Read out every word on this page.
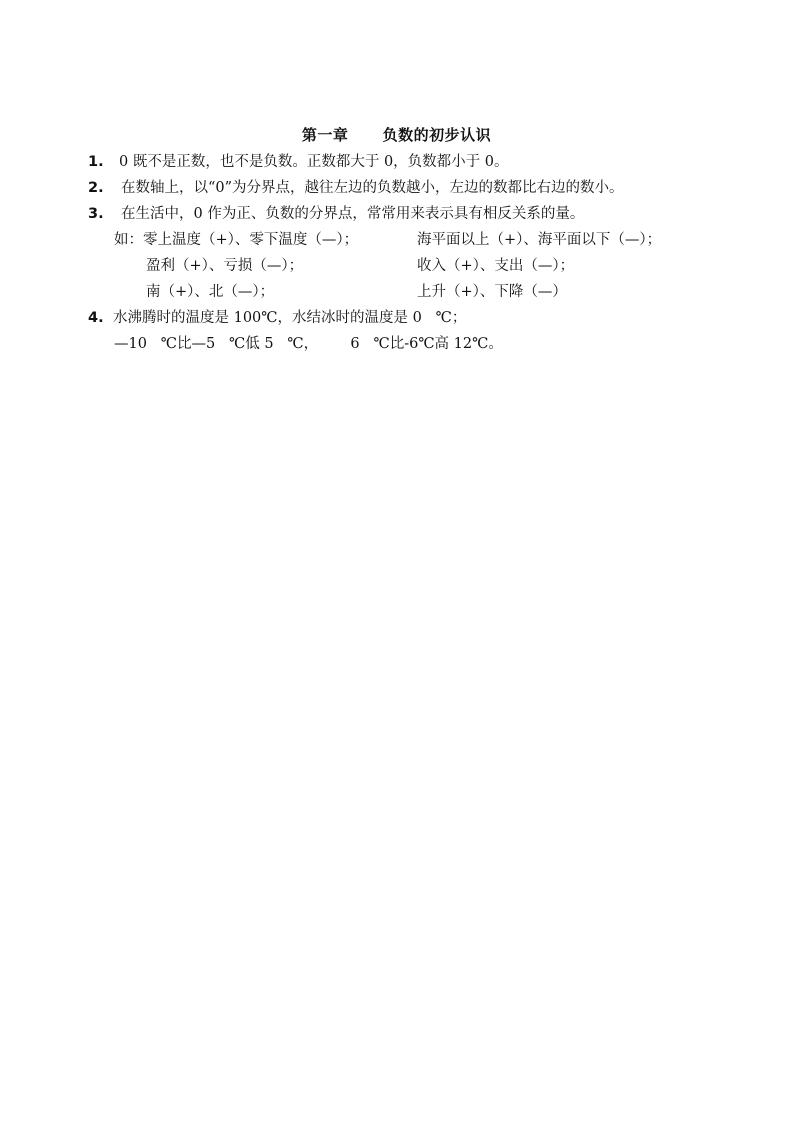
第一章      负数的初步认识
1. 0 既不是正数，也不是负数。正数都大于 0，负数都小于 0。
2. 在数轴上，以“0”为分界点，越往左边的负数越小，左边的数都比右边的数小。
3. 在生活中，0 作为正、负数的分界点，常常用来表示具有相反关系的量。
如：零上温度（+）、零下温度（—）；	海平面以上（+）、海平面以下（—）；
盈利（+）、亏损（—）；	收入（+）、支出（—）；
南（+）、北（—）；	上升（+）、下降（—）
4. 水沸腾时的温度是 100℃，水结冰时的温度是 0   ℃；
—10   ℃比—5   ℃低 5   ℃，       6   ℃比-6℃高 12℃。
